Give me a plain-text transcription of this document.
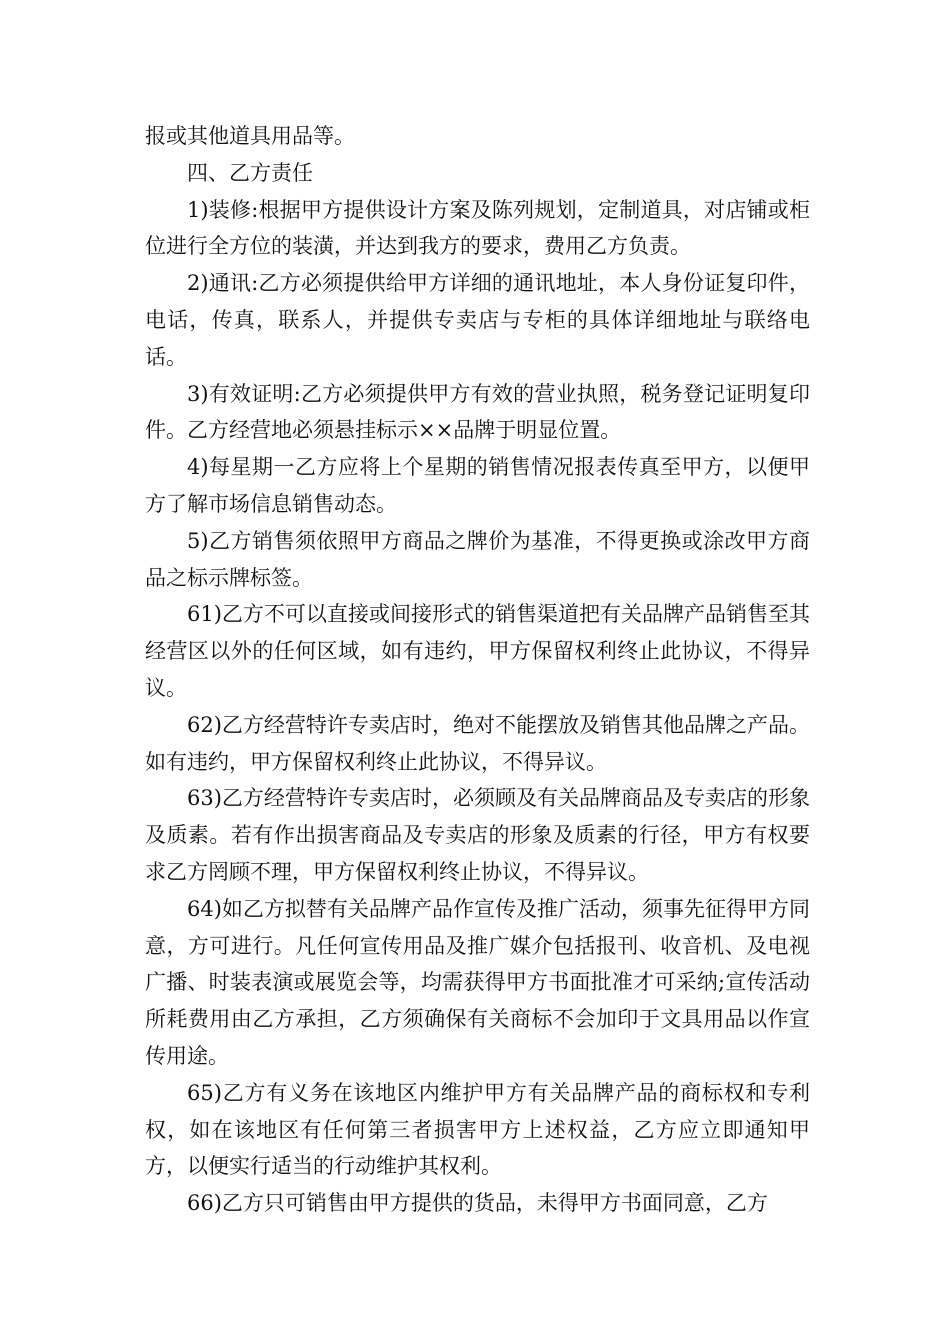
报或其他道具用品等。

四、乙方责任

1)装修:根据甲方提供设计方案及陈列规划，定制道具，对店铺或柜位进行全方位的装潢，并达到我方的要求，费用乙方负责。

2)通讯:乙方必须提供给甲方详细的通讯地址，本人身份证复印件，电话，传真，联系人，并提供专卖店与专柜的具体详细地址与联络电话。

3)有效证明:乙方必须提供甲方有效的营业执照，税务登记证明复印件。乙方经营地必须悬挂标示××品牌于明显位置。

4)每星期一乙方应将上个星期的销售情况报表传真至甲方，以便甲方了解市场信息销售动态。

5)乙方销售须依照甲方商品之牌价为基准，不得更换或涂改甲方商品之标示牌标签。

61)乙方不可以直接或间接形式的销售渠道把有关品牌产品销售至其经营区以外的任何区域，如有违约，甲方保留权利终止此协议，不得异议。

62)乙方经营特许专卖店时，绝对不能摆放及销售其他品牌之产品。如有违约，甲方保留权利终止此协议，不得异议。

63)乙方经营特许专卖店时，必须顾及有关品牌商品及专卖店的形象及质素。若有作出损害商品及专卖店的形象及质素的行径，甲方有权要求乙方罔顾不理，甲方保留权利终止协议，不得异议。

64)如乙方拟替有关品牌产品作宣传及推广活动，须事先征得甲方同意，方可进行。凡任何宣传用品及推广媒介包括报刊、收音机、及电视广播、时装表演或展览会等，均需获得甲方书面批准才可采纳;宣传活动所耗费用由乙方承担，乙方须确保有关商标不会加印于文具用品以作宣传用途。

65)乙方有义务在该地区内维护甲方有关品牌产品的商标权和专利权，如在该地区有任何第三者损害甲方上述权益，乙方应立即通知甲方，以便实行适当的行动维护其权利。

66)乙方只可销售由甲方提供的货品，未得甲方书面同意，乙方
